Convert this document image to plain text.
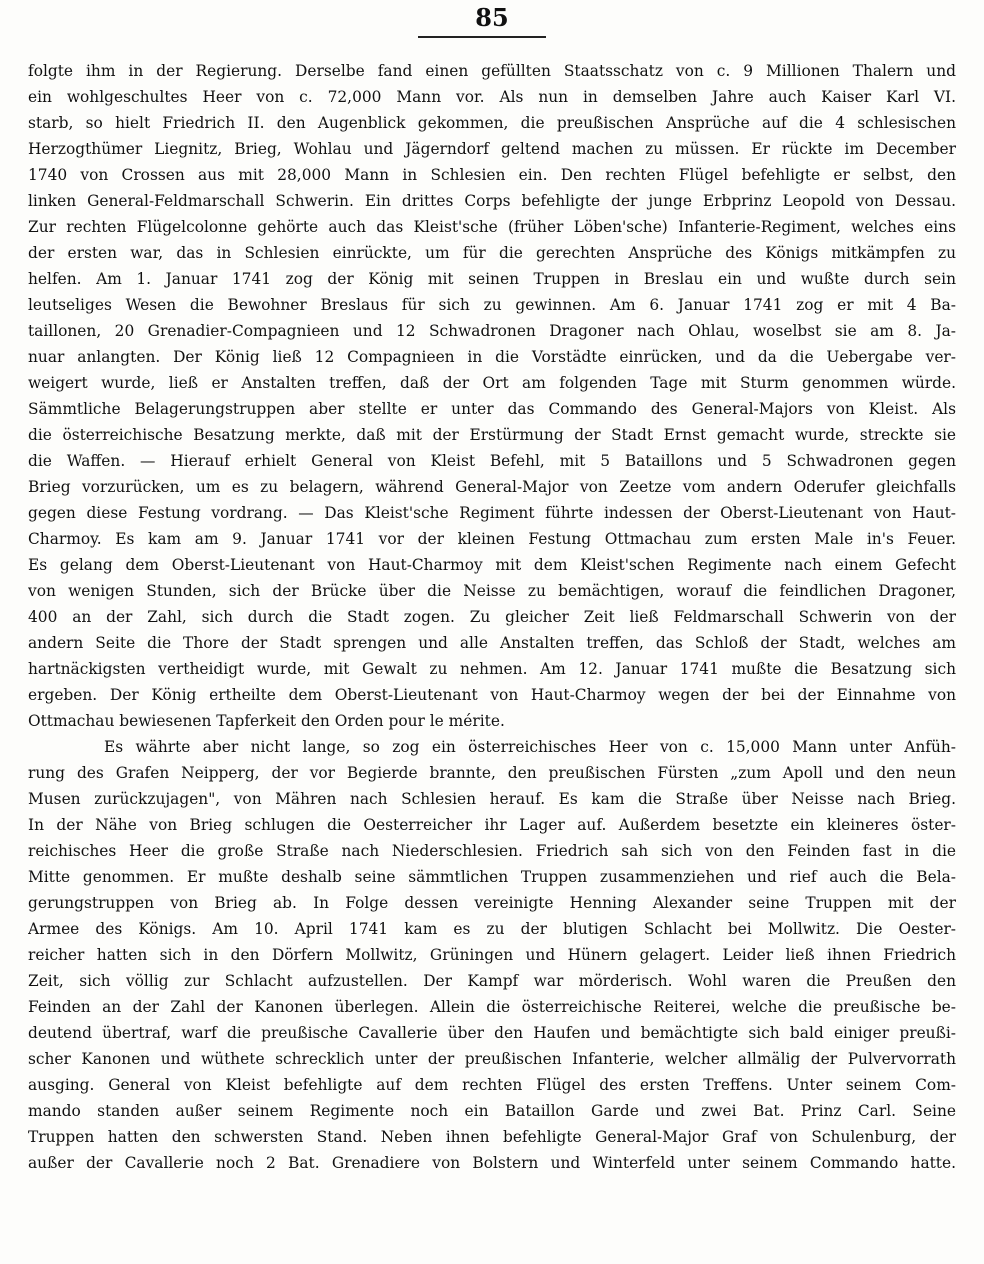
85
folgte ihm in der Regierung. Derselbe fand einen gefüllten Staatsschatz von c. 9 Millionen Thalern und
ein wohlgeschultes Heer von c. 72,000 Mann vor. Als nun in demselben Jahre auch Kaiser Karl VI.
starb, so hielt Friedrich II. den Augenblick gekommen, die preußischen Ansprüche auf die 4 schlesischen
Herzogthümer Liegnitz, Brieg, Wohlau und Jägerndorf geltend machen zu müssen. Er rückte im December
1740 von Crossen aus mit 28,000 Mann in Schlesien ein. Den rechten Flügel befehligte er selbst, den
linken General-Feldmarschall Schwerin. Ein drittes Corps befehligte der junge Erbprinz Leopold von Dessau.
Zur rechten Flügelcolonne gehörte auch das Kleist'sche (früher Löben'sche) Infanterie-Regiment, welches eins
der ersten war, das in Schlesien einrückte, um für die gerechten Ansprüche des Königs mitkämpfen zu
helfen. Am 1. Januar 1741 zog der König mit seinen Truppen in Breslau ein und wußte durch sein
leutseliges Wesen die Bewohner Breslaus für sich zu gewinnen. Am 6. Januar 1741 zog er mit 4 Ba-
taillonen, 20 Grenadier-Compagnieen und 12 Schwadronen Dragoner nach Ohlau, woselbst sie am 8. Ja-
nuar anlangten. Der König ließ 12 Compagnieen in die Vorstädte einrücken, und da die Uebergabe ver-
weigert wurde, ließ er Anstalten treffen, daß der Ort am folgenden Tage mit Sturm genommen würde.
Sämmtliche Belagerungstruppen aber stellte er unter das Commando des General-Majors von Kleist. Als
die österreichische Besatzung merkte, daß mit der Erstürmung der Stadt Ernst gemacht wurde, streckte sie
die Waffen. — Hierauf erhielt General von Kleist Befehl, mit 5 Bataillons und 5 Schwadronen gegen
Brieg vorzurücken, um es zu belagern, während General-Major von Zeetze vom andern Oderufer gleichfalls
gegen diese Festung vordrang. — Das Kleist'sche Regiment führte indessen der Oberst-Lieutenant von Haut-
Charmoy. Es kam am 9. Januar 1741 vor der kleinen Festung Ottmachau zum ersten Male in's Feuer.
Es gelang dem Oberst-Lieutenant von Haut-Charmoy mit dem Kleist'schen Regimente nach einem Gefecht
von wenigen Stunden, sich der Brücke über die Neisse zu bemächtigen, worauf die feindlichen Dragoner,
400 an der Zahl, sich durch die Stadt zogen. Zu gleicher Zeit ließ Feldmarschall Schwerin von der
andern Seite die Thore der Stadt sprengen und alle Anstalten treffen, das Schloß der Stadt, welches am
hartnäckigsten vertheidigt wurde, mit Gewalt zu nehmen. Am 12. Januar 1741 mußte die Besatzung sich
ergeben. Der König ertheilte dem Oberst-Lieutenant von Haut-Charmoy wegen der bei der Einnahme von
Ottmachau bewiesenen Tapferkeit den Orden pour le mérite.
Es währte aber nicht lange, so zog ein österreichisches Heer von c. 15,000 Mann unter Anfüh-
rung des Grafen Neipperg, der vor Begierde brannte, den preußischen Fürsten „zum Apoll und den neun
Musen zurückzujagen", von Mähren nach Schlesien herauf. Es kam die Straße über Neisse nach Brieg.
In der Nähe von Brieg schlugen die Oesterreicher ihr Lager auf. Außerdem besetzte ein kleineres öster-
reichisches Heer die große Straße nach Niederschlesien. Friedrich sah sich von den Feinden fast in die
Mitte genommen. Er mußte deshalb seine sämmtlichen Truppen zusammenziehen und rief auch die Bela-
gerungstruppen von Brieg ab. In Folge dessen vereinigte Henning Alexander seine Truppen mit der
Armee des Königs. Am 10. April 1741 kam es zu der blutigen Schlacht bei Mollwitz. Die Oester-
reicher hatten sich in den Dörfern Mollwitz, Grüningen und Hünern gelagert. Leider ließ ihnen Friedrich
Zeit, sich völlig zur Schlacht aufzustellen. Der Kampf war mörderisch. Wohl waren die Preußen den
Feinden an der Zahl der Kanonen überlegen. Allein die österreichische Reiterei, welche die preußische be-
deutend übertraf, warf die preußische Cavallerie über den Haufen und bemächtigte sich bald einiger preußi-
scher Kanonen und wüthete schrecklich unter der preußischen Infanterie, welcher allmälig der Pulvervorrath
ausging. General von Kleist befehligte auf dem rechten Flügel des ersten Treffens. Unter seinem Com-
mando standen außer seinem Regimente noch ein Bataillon Garde und zwei Bat. Prinz Carl. Seine
Truppen hatten den schwersten Stand. Neben ihnen befehligte General-Major Graf von Schulenburg, der
außer der Cavallerie noch 2 Bat. Grenadiere von Bolstern und Winterfeld unter seinem Commando hatte.
